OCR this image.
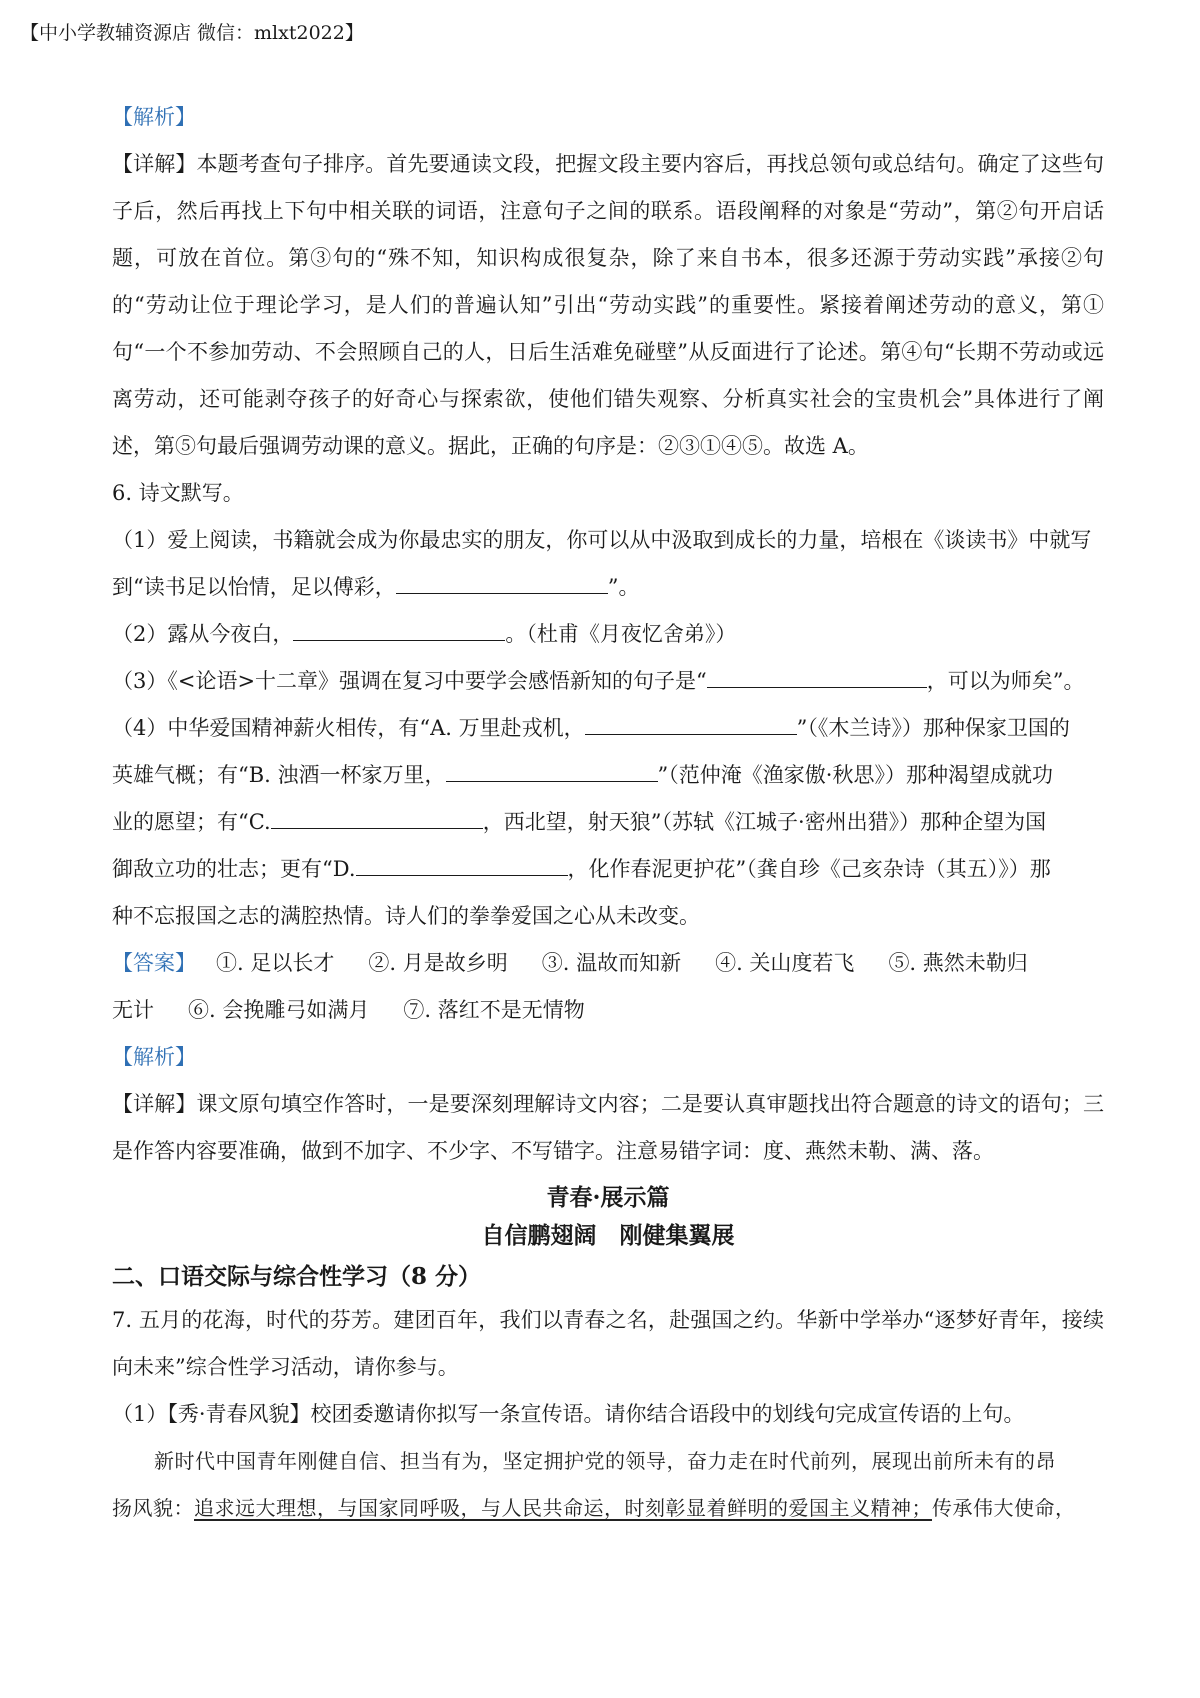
【中小学教辅资源店 微信：mlxt2022】
【解析】
【详解】本题考查句子排序。首先要通读文段，把握文段主要内容后，再找总领句或总结句。确定了这些句子后，然后再找上下句中相关联的词语，注意句子之间的联系。语段阐释的对象是“劳动”，第②句开启话题，可放在首位。第③句的“殊不知，知识构成很复杂，除了来自书本，很多还源于劳动实践”承接②句的“劳动让位于理论学习，是人们的普遍认知”引出“劳动实践”的重要性。紧接着阐述劳动的意义，第①句“一个不参加劳动、不会照顾自己的人，日后生活难免碰壁”从反面进行了论述。第④句“长期不劳动或远离劳动，还可能剥夺孩子的好奇心与探索欲，使他们错失观察、分析真实社会的宝贵机会”具体进行了阐述，第⑤句最后强调劳动课的意义。据此，正确的句序是：②③①④⑤。故选 A。
6. 诗文默写。
（1）爱上阅读，书籍就会成为你最忠实的朋友，你可以从中汲取到成长的力量，培根在《谈读书》中就写
到“读书足以怡情，足以傅彩，	”。
（2）露从今夜白，	。（杜甫《月夜忆舍弟》）
（3）《<论语>十二章》强调在复习中要学会感悟新知的句子是“	，可以为师矣”。
（4）中华爱国精神薪火相传，有“A. 万里赴戎机，	”（《木兰诗》）那种保家卫国的
英雄气概；有“B. 浊酒一杯家万里，	”（范仲淹《渔家傲·秋思》）那种渴望成就功
业的愿望；有“C.	，西北望，射天狼”（苏轼《江城子·密州出猎》）那种企望为国
御敌立功的壮志；更有“D.	，化作春泥更护花”（龚自珍《己亥杂诗（其五）》）那
种不忘报国之志的满腔热情。诗人们的拳拳爱国之心从未改变。
【答案】 ①. 足以长才 ②. 月是故乡明 ③. 温故而知新 ④. 关山度若飞 ⑤. 燕然未勒归
无计 ⑥. 会挽雕弓如满月 ⑦. 落红不是无情物
【解析】
【详解】课文原句填空作答时，一是要深刻理解诗文内容；二是要认真审题找出符合题意的诗文的语句；三是作答内容要准确，做到不加字、不少字、不写错字。注意易错字词：度、燕然未勒、满、落。
青春·展示篇
自信鹏翅阔　刚健集翼展
二、口语交际与综合性学习（8 分）
7. 五月的花海，时代的芬芳。建团百年，我们以青春之名，赴强国之约。华新中学举办“逐梦好青年，接续向未来”综合性学习活动，请你参与。
（1）【秀·青春风貌】校团委邀请你拟写一条宣传语。请你结合语段中的划线句完成宣传语的上句。
新时代中国青年刚健自信、担当有为，坚定拥护党的领导，奋力走在时代前列，展现出前所未有的昂
扬风貌：追求远大理想，与国家同呼吸，与人民共命运，时刻彰显着鲜明的爱国主义精神；传承伟大使命，
